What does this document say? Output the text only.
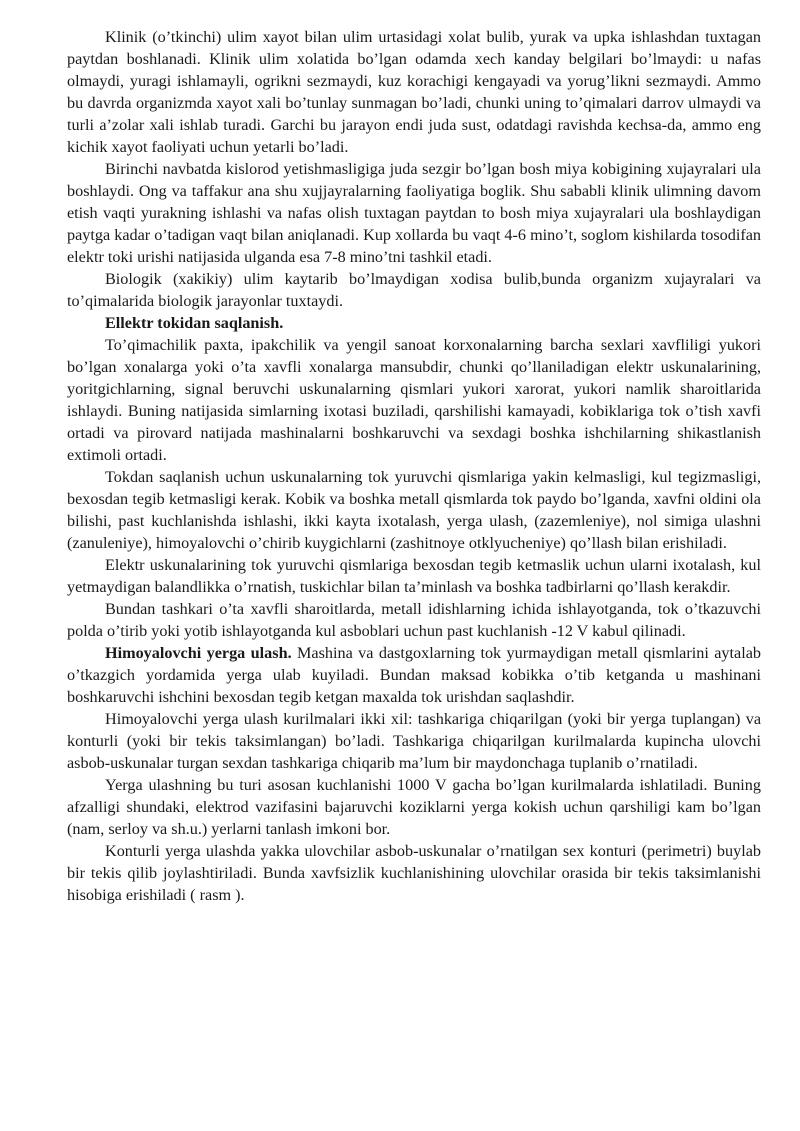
Klinik (o’tkinchi) ulim xayot bilan ulim urtasidagi xolat bulib, yurak va upka ishlashdan tuxtagan paytdan boshlanadi. Klinik ulim xolatida bo’lgan odamda xech kanday belgilari bo’lmaydi: u nafas olmaydi, yuragi ishlamayli, ogrikni sezmaydi, kuz korachigi kengayadi va yorug’likni sezmaydi. Ammo bu davrda organizmda xayot xali bo’tunlay sunmagan bo’ladi, chunki uning to’qimalari darrov ulmaydi va turli a’zolar xali ishlab turadi. Garchi bu jarayon endi juda sust, odatdagi ravishda kechsa-da, ammo eng kichik xayot faoliyati uchun yetarli bo’ladi.

Birinchi navbatda kislorod yetishmasligiga juda sezgir bo’lgan bosh miya kobigining xujayralari ula boshlaydi. Ong va taffakur ana shu xujjayralarning faoliyatiga boglik. Shu sababli klinik ulimning davom etish vaqti yurakning ishlashi va nafas olish tuxtagan paytdan to bosh miya xujayralari ula boshlaydigan paytga kadar o’tadigan vaqt bilan aniqlanadi. Kup xollarda bu vaqt 4-6 mino’t, soglom kishilarda tosodifan elektr toki urishi natijasida ulganda esa 7-8 mino’tni tashkil etadi.

Biologik (xakikiy) ulim kaytarib bo’lmaydigan xodisa bulib,bunda organizm xujayralari va to’qimalarida biologik jarayonlar tuxtaydi.

Ellektr tokidan saqlanish.

To’qimachilik paxta, ipakchilik va yengil sanoat korxonalarning barcha sexlari xavfliligi yukori bo’lgan xonalarga yoki o’ta xavfli xonalarga mansubdir, chunki qo’llaniladigan elektr uskunalarining, yoritgichlarning, signal beruvchi uskunalarning qismlari yukori xarorat, yukori namlik sharoitlarida ishlaydi. Buning natijasida simlarning ixotasi buziladi, qarshilishi kamayadi, kobiklariga tok o’tish xavfi ortadi va pirovard natijada mashinalarni boshkaruvchi va sexdagi boshka ishchilarning shikastlanish extimoli ortadi.

Tokdan saqlanish uchun uskunalarning tok yuruvchi qismlariga yakin kelmasligi, kul tegizmasligi, bexosdan tegib ketmasligi kerak. Kobik va boshka metall qismlarda tok paydo bo’lganda, xavfni oldini ola bilishi, past kuchlanishda ishlashi, ikki kayta ixotalash, yerga ulash, (zazemleniye), nol simiga ulashni (zanuleniye), himoyalovchi o’chirib kuygichlarni (zashitnoye otklyucheniye) qo’llash bilan erishiladi.

Elektr uskunalarining tok yuruvchi qismlariga bexosdan tegib ketmaslik uchun ularni ixotalash, kul yetmaydigan balandlikka o’rnatish, tuskichlar bilan ta’minlash va boshka tadbirlarni qo’llash kerakdir.

Bundan tashkari o’ta xavfli sharoitlarda, metall idishlarning ichida ishlayotganda, tok o’tkazuvchi polda o’tirib yoki yotib ishlayotganda kul asboblari uchun past kuchlanish -12 V kabul qilinadi.

Himoyalovchi yerga ulash. Mashina va dastgoxlarning tok yurmaydigan metall qismlarini aytalab o’tkazgich yordamida yerga ulab kuyiladi. Bundan maksad kobikka o’tib ketganda u mashinani boshkaruvchi ishchini bexosdan tegib ketgan maxalda tok urishdan saqlashdir.

Himoyalovchi yerga ulash kurilmalari ikki xil: tashkariga chiqarilgan (yoki bir yerga tuplangan) va konturli (yoki bir tekis taksimlangan) bo’ladi. Tashkariga chiqarilgan kurilmalarda kupincha ulovchi asbob-uskunalar turgan sexdan tashkariga chiqarib ma’lum bir maydonchaga tuplanib o’rnatiladi.

Yerga ulashning bu turi asosan kuchlanishi 1000 V gacha bo’lgan kurilmalarda ishlatiladi. Buning afzalligi shundaki, elektrod vazifasini bajaruvchi koziklarni yerga kokish uchun qarshiligi kam bo’lgan (nam, serloy va sh.u.) yerlarni tanlash imkoni bor.

Konturli yerga ulashda yakka ulovchilar asbob-uskunalar o’rnatilgan sex konturi (perimetri) buylab bir tekis qilib joylashtiriladi. Bunda xavfsizlik kuchlanishining ulovchilar orasida bir tekis taksimlanishi hisobiga erishiladi ( rasm ).
